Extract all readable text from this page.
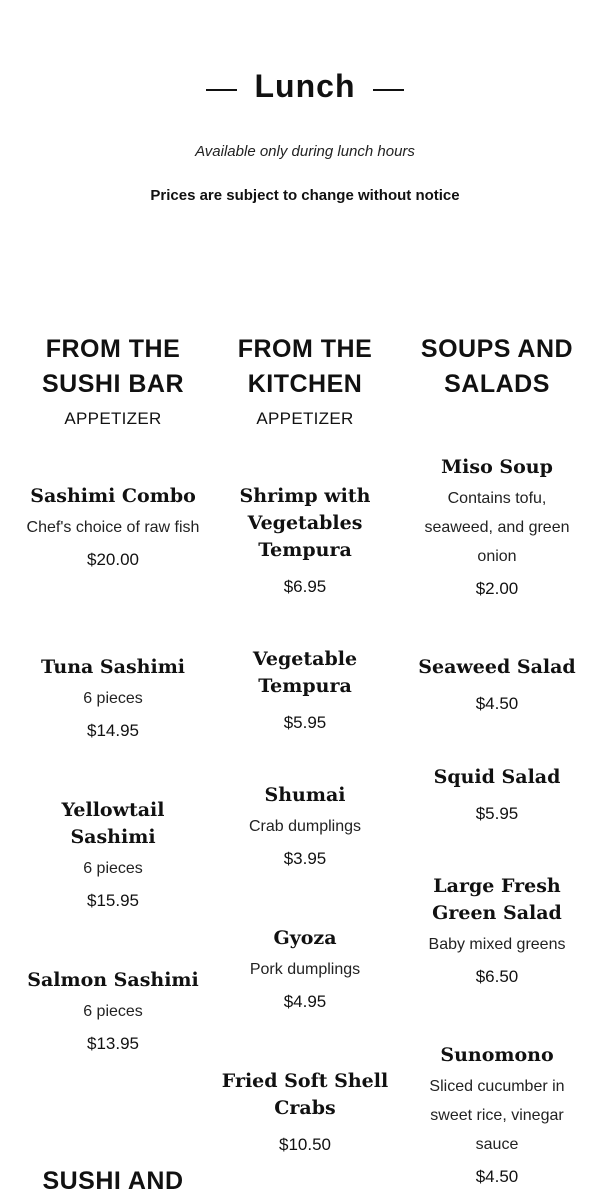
Lunch
Available only during lunch hours
Prices are subject to change without notice
FROM THE SUSHI BAR
APPETIZER
Sashimi Combo
Chef's choice of raw fish
$20.00
Tuna Sashimi
6 pieces
$14.95
Yellowtail Sashimi
6 pieces
$15.95
Salmon Sashimi
6 pieces
$13.95
SUSHI AND
FROM THE KITCHEN
APPETIZER
Shrimp with Vegetables Tempura
$6.95
Vegetable Tempura
$5.95
Shumai
Crab dumplings
$3.95
Gyoza
Pork dumplings
$4.95
Fried Soft Shell Crabs
$10.50
SOUPS AND SALADS
Miso Soup
Contains tofu, seaweed, and green onion
$2.00
Seaweed Salad
$4.50
Squid Salad
$5.95
Large Fresh Green Salad
Baby mixed greens
$6.50
Sunomono
Sliced cucumber in sweet rice, vinegar sauce
$4.50
